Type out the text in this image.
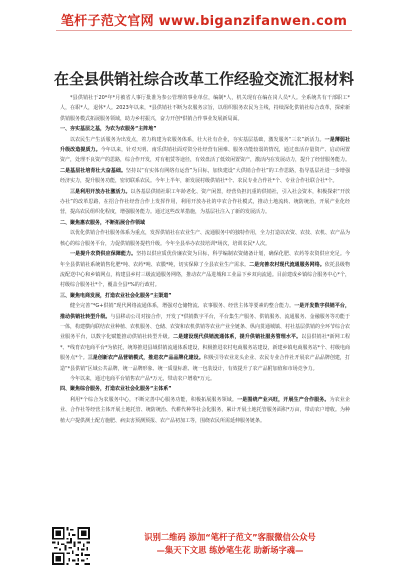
笔杆子范文官网 www.biganzifanwen.com
在全县供销社综合改革工作经验交流汇报材料

*县供销社于20*年*月被省人事厅批准为参公管理的事业单位，编制*人，机关现有在编在岗人员*人。全系统共有干部职工*人，在职*人，退休*人。2023年以来，*县供销社不断为农服务宗旨，以组织服务农民为主线，持续深化供销社综合改革，探索新供销服务模式拓展服务领域，助力乡村振兴，奋力开创*供销合作事业发展新局面。

一、夯实基层之基，为农为农服务“主阵地”

以农民生产生活服务为出发点，着力构建为农服务体系，壮大社有企业，夯实基层基础，激发服务“三农”新活力。一是薄弱社升级改造提质力。今年以来，针对天明、南乐供销社面对资分社经营有困难、服务功能较弱的情况，通过盘活存量资产、启动闲置资产，处理不良资产的思路，综合作开发，对有租赁等途径，有效盘活了低效闲置资产，激活内在发展动力，提升了经营服务能力。二是基层社培育壮大奋基础。坚持以“有实体有网络有运营”为目标，加快建设“大供销合作社”的工作思路，指导基层社进一步增强经济实力，提升服务功能，密切联系农民。今年上半年，新发展村级供销社*个、农民专业合作社*个、专业合作社联合社*个。

三是利用开放办社激活力。以各基层供销社职工年龄老化、资产闲置，经营负担沉重的供销社，引入社会资本，积极探索“开放办社”的改革思路，在招合作社经营合作上发挥作用，利用开放办社的中农合作社模式，推动土地流转、统防统治，开展产业化经营，提高农民组织化程度，增强服务能力。通过这些改革措施，为基层社注入了新的发展活力。

二、聚焦惠农服务，不断拓展合作领域

以优化供销合作社服务体系为重点，发挥供销社在农业生产、流通服务中的独特作用，全力打造以农资、农技、农机、农产品为核心的综合服务平台，力促供销服务提档升级。今年全县举办农技培训*场次，培训农民*人次。

一是提升农资供应保障能力。坚持以供应质优价廉农资为目标，科学编制农资储备计划，确保化肥、农药等农资供应充足。今年全县供销社系统销售化肥*吨、农药*吨、农膜*吨，切实保障了全县农业生产需求。二是完善农村现代流通服务网络。依托县级物流配送中心和乡镇网点，构建县乡村三级流通服务网络，推动农产品进城和工业品下乡双向流通。目前建成乡镇综合服务中心*个，村级综合服务社*个，覆盖全县*%的行政村。

三、聚焦电商发展，打造农业社会化服务“主渠道”

健全完善“*G+供销”现代网络流通体系，增强对仓储物流、农事服务、经营主体等要素的整合能力。一是开发数字供销平台，推动供销社转型升级。与县移动公司对接合作，开发了*供销数字平台，平台集生产服务、供销服务、流通服务、金融服务等功能于一体，构建横向联结农业种植、农机服务、仓储、农资和农机供销等农业产业全链条、纵向贯通城镇、村社基层供销的全环节综合农业服务平台，以数字化赋能推动供销社转型升级。二是建设现代供销流通体系，提升供销社服务管理水平。以县供销社*新网工程*、*线育农电商平台*为依托，统筹推进县域供销流通体系建设，积极推进农村电商服务站建设，新建乡镇电商服务站*个、村级电商服务点*个。三是创新农产品营销模式，推进农产品品牌化建设。积极引导农业龙头企业、农民专业合作社开展农产品品牌创建，打造“*县供销”区域公共品牌，统一品牌形象、统一质量标准、统一包装设计，有效提升了农产品附加值和市场竞争力。

今年以来，通过电商平台销售农产品*万元，带动农户增收*万元。

四、聚焦综合服务，打造农业社会化服务“主体系”

利用*个综合为农服务中心，不断完善中心服务功能，积极拓展服务领域。一是围绕产业兴旺，开展生产合作服务。为农业企业、合作社等经营主体开展土地托管、统防统治、代耕代种等社会化服务，累计开展土地托管服务面积*万亩，带动农户增收。为种植大户提供测土配方施肥、病虫害预测预报、农产品初加工等，围绕农民所需延伸服务链条。

识别二维码 添加“笔杆子范文”客服微信公众号
—集天下文思 练妙笔生花 助新场字魂—
